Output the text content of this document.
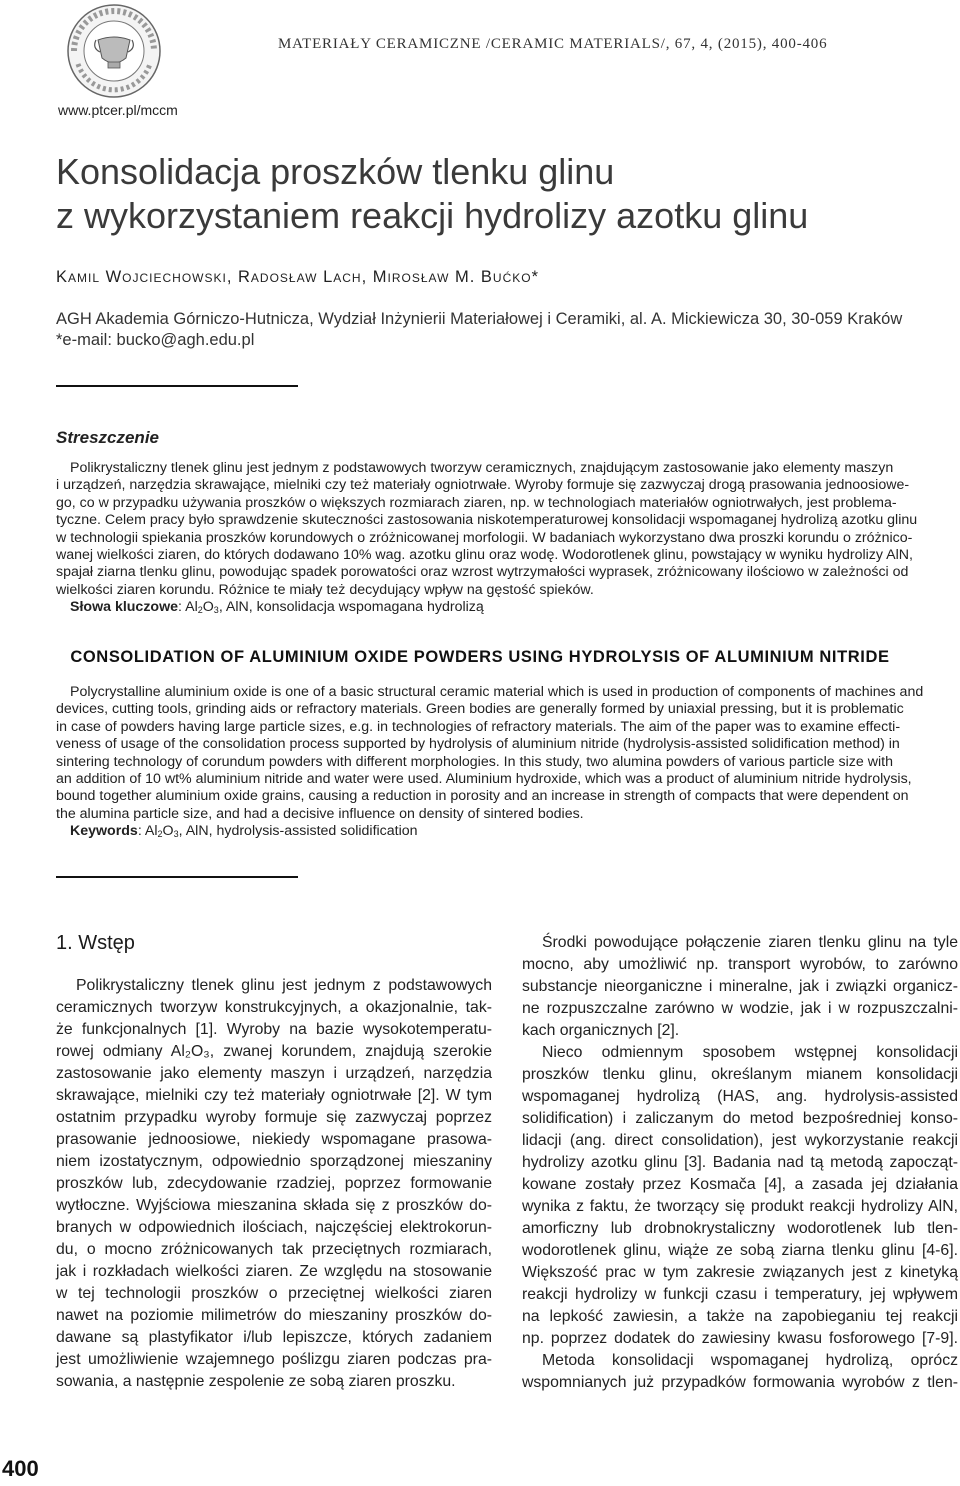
MATERIAŁY CERAMICZNE /CERAMIC MATERIALS/, 67, 4, (2015), 400-406
www.ptcer.pl/mccm
Konsolidacja proszków tlenku glinu
z wykorzystaniem reakcji hydrolizy azotku glinu
Kamil Wojciechowski, Radosław Lach, Mirosław M. Bućko*
AGH Akademia Górniczo-Hutnicza, Wydział Inżynierii Materiałowej i Ceramiki, al. A. Mickiewicza 30, 30-059 Kraków
*e-mail: bucko@agh.edu.pl
Streszczenie

Polikrystaliczny tlenek glinu jest jednym z podstawowych tworzyw ceramicznych, znajdującym zastosowanie jako elementy maszyn

i urządzeń, narzędzia skrawające, mielniki czy też materiały ogniotrwałe. Wyroby formuje się zazwyczaj drogą prasowania jednoosiowe-

go, co w przypadku używania proszków o większych rozmiarach ziaren, np. w technologiach materiałów ogniotrwałych, jest problema-

tyczne. Celem pracy było sprawdzenie skuteczności zastosowania niskotemperaturowej konsolidacji wspomaganej hydrolizą azotku glinu

w technologii spiekania proszków korundowych o zróżnicowanej morfologii. W badaniach wykorzystano dwa proszki korundu o zróżnico-

wanej wielkości ziaren, do których dodawano 10% wag. azotku glinu oraz wodę. Wodorotlenek glinu, powstający w wyniku hydrolizy AlN,

spajał ziarna tlenku glinu, powodując spadek porowatości oraz wzrost wytrzymałości wyprasek, zróżnicowany ilościowo w zależności od

wielkości ziaren korundu. Różnice te miały też decydujący wpływ na gęstość spieków.

Słowa kluczowe: $Al_2O_3$, AlN, konsolidacja wspomagana hydrolizą
CONSOLIDATION OF ALUMINIUM OXIDE POWDERS USING HYDROLYSIS OF ALUMINIUM NITRIDE

Polycrystalline aluminium oxide is one of a basic structural ceramic material which is used in production of components of machines and

devices, cutting tools, grinding aids or refractory materials. Green bodies are generally formed by uniaxial pressing, but it is problematic

in case of powders having large particle sizes, e.g. in technologies of refractory materials. The aim of the paper was to examine effecti-

veness of usage of the consolidation process supported by hydrolysis of aluminium nitride (hydrolysis-assisted solidification method) in

sintering technology of corundum powders with different morphologies. In this study, two alumina powders of various particle size with

an addition of 10 wt% aluminium nitride and water were used. Aluminium hydroxide, which was a product of aluminium nitride hydrolysis,

bound together aluminium oxide grains, causing a reduction in porosity and an increase in strength of compacts that were dependent on

the alumina particle size, and had a decisive influence on density of sintered bodies.

Keywords: $Al_2O_3$, AlN, hydrolysis-assisted solidification
1. Wstęp
Polikrystaliczny tlenek glinu jest jednym z podstawowych
ceramicznych tworzyw konstrukcyjnych, a okazjonalnie, tak-
że funkcjonalnych [1]. Wyroby na bazie wysokotemperatu-
rowej odmiany Al₂O₃, zwanej korundem, znajdują szerokie
zastosowanie jako elementy maszyn i urządzeń, narzędzia
skrawające, mielniki czy też materiały ogniotrwałe [2]. W tym
ostatnim przypadku wyroby formuje się zazwyczaj poprzez
prasowanie jednoosiowe, niekiedy wspomagane prasowa-
niem izostatycznym, odpowiednio sporządzonej mieszaniny
proszków lub, zdecydowanie rzadziej, poprzez formowanie
wytłoczne. Wyjściowa mieszanina składa się z proszków do-
branych w odpowiednich ilościach, najczęściej elektrokorun-
du, o mocno zróżnicowanych tak przeciętnych rozmiarach,
jak i rozkładach wielkości ziaren. Ze względu na stosowanie
w tej technologii proszków o przeciętnej wielkości ziaren
nawet na poziomie milimetrów do mieszaniny proszków do-
dawane są plastyfikator i/lub lepiszcze, których zadaniem
jest umożliwienie wzajemnego poślizgu ziaren podczas pra-
sowania, a następnie zespolenie ze sobą ziaren proszku.
Środki powodujące połączenie ziaren tlenku glinu na tyle
mocno, aby umożliwić np. transport wyrobów, to zarówno
substancje nieorganiczne i mineralne, jak i związki organicz-
ne rozpuszczalne zarówno w wodzie, jak i w rozpuszczalni-
kach organicznych [2].
Nieco odmiennym sposobem wstępnej konsolidacji
proszków tlenku glinu, określanym mianem konsolidacji
wspomaganej hydrolizą (HAS, ang. hydrolysis-assisted
solidification) i zaliczanym do metod bezpośredniej konso-
lidacji (ang. direct consolidation), jest wykorzystanie reakcji
hydrolizy azotku glinu [3]. Badania nad tą metodą zapocząt-
kowane zostały przez Kosmača [4], a zasada jej działania
wynika z faktu, że tworzący się produkt reakcji hydrolizy AlN,
amorficzny lub drobnokrystaliczny wodorotlenek lub tlen-
wodorotlenek glinu, wiąże ze sobą ziarna tlenku glinu [4-6].
Większość prac w tym zakresie związanych jest z kinetyką
reakcji hydrolizy w funkcji czasu i temperatury, jej wpływem
na lepkość zawiesin, a także na zapobieganiu tej reakcji
np. poprzez dodatek do zawiesiny kwasu fosforowego [7-9].
Metoda konsolidacji wspomaganej hydrolizą, oprócz
wspomnianych już przypadków formowania wyrobów z tlen-
400
